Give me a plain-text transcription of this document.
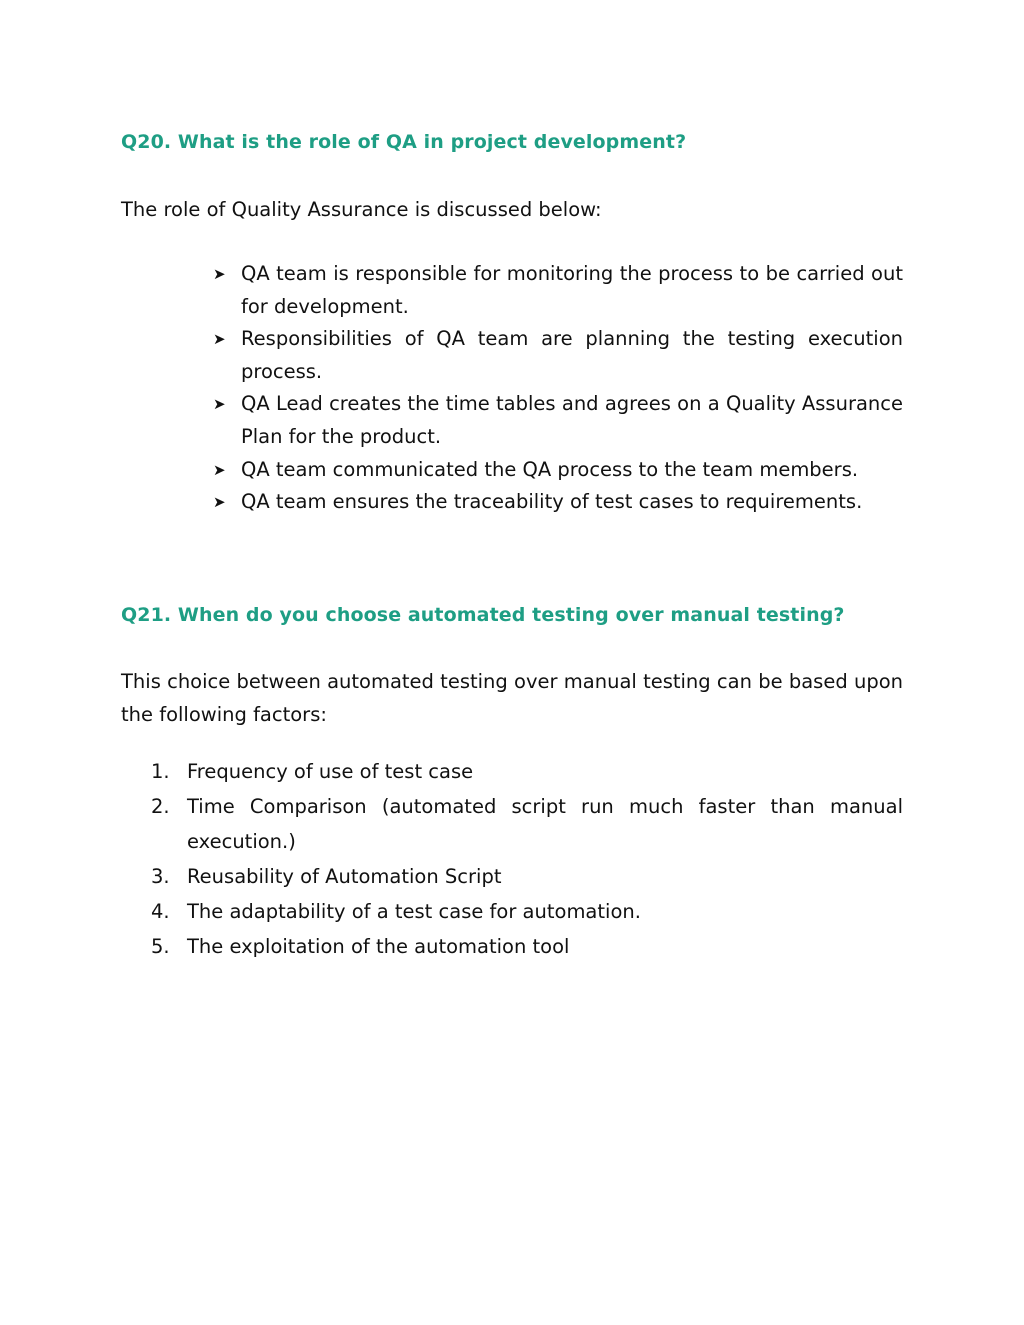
Q20. What is the role of QA in project development?

The role of Quality Assurance is discussed below:

➤ QA team is responsible for monitoring the process to be carried out for development.
➤ Responsibilities of QA team are planning the testing execution process.
➤ QA Lead creates the time tables and agrees on a Quality Assurance Plan for the product.
➤ QA team communicated the QA process to the team members.
➤ QA team ensures the traceability of test cases to requirements.
Q21. When do you choose automated testing over manual testing?

This choice between automated testing over manual testing can be based upon the following factors:

1. Frequency of use of test case
2. Time Comparison (automated script run much faster than manual execution.)
3. Reusability of Automation Script
4. The adaptability of a test case for automation.
5. The exploitation of the automation tool
